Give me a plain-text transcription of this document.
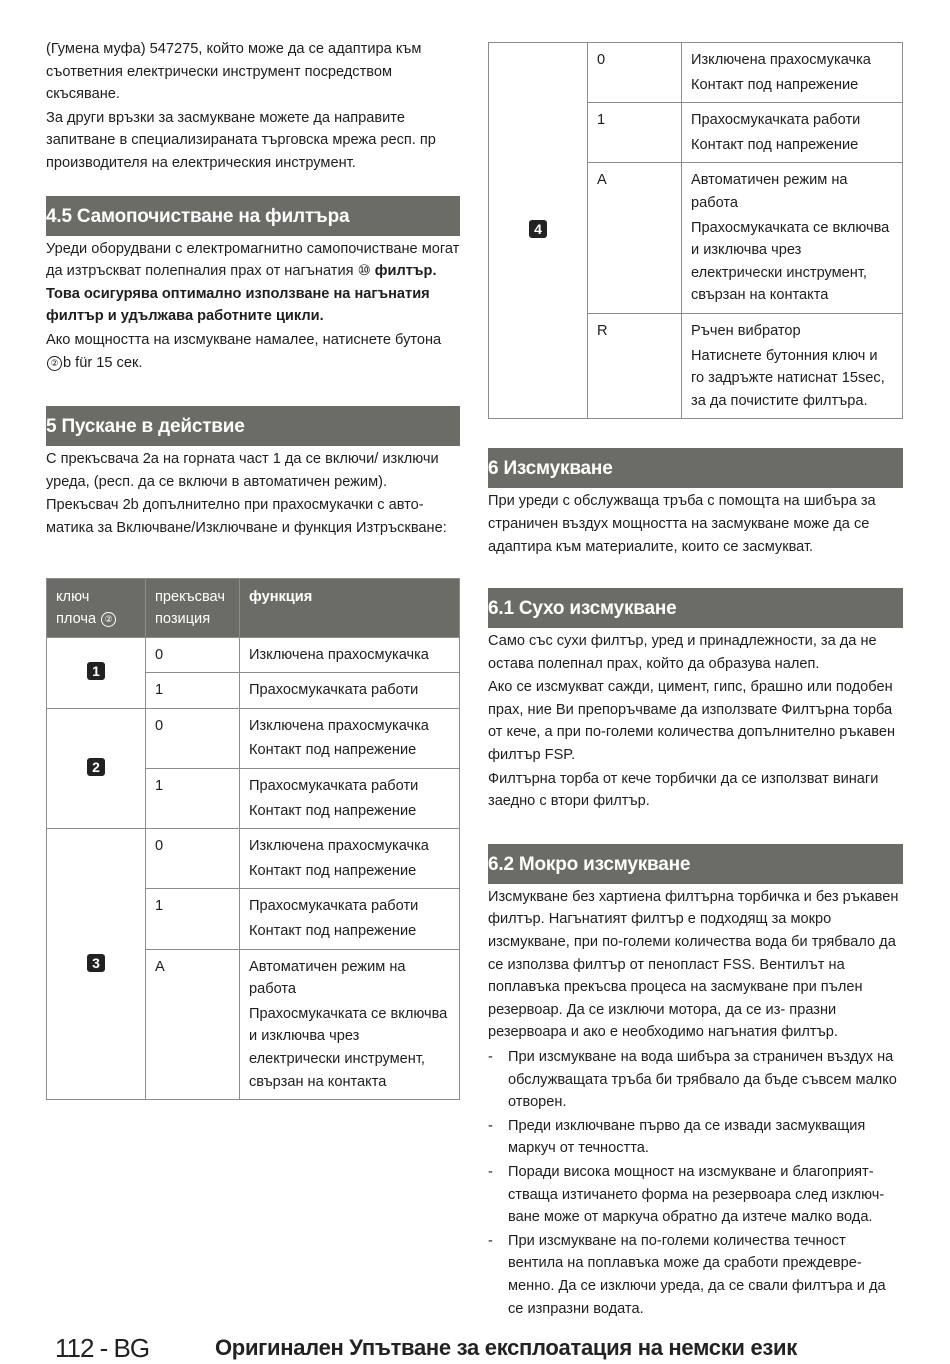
(Гумена муфа) 547275, който може да се адаптира към съответния електрически инструмент посредством скъсяване.

За други връзки за засмукване можете да направите запитване в специализираната търговска мрежа респ. пр производителя на електрическия инструмент.

4.5 Самопочистване на филтъра

Уреди оборудвани с електромагнитно самопочистване могат да изтръскват полепналия прах от нагънатия ⑩ филтър. Това осигурява оптимално използване на нагънатия филтър и удължава работните цикли.

Ако мощността на изсмукване намалее, натиснете бутона ② b für 15 сек.

5 Пускане в действие

С прекъсвача 2a на горната част 1 да се включи/ изключи уреда, (респ. да се включи в автоматичен режим).

Прекъсвач 2b допълнително при прахосмукачки с авто- матика за Включване/Изключване и функция Изтръскване:

ключ
плоча ②	прекъсвач
позиция	функция
1	0	Изключена прахосмукачка

	1	Прахосмукачката работи

2	0	Изключена прахосмукачка
Контакт под напрежение

	1	Прахосмукачката работи
Контакт под напрежение

3	0	Изключена прахосмукачка
Контакт под напрежение

	1	Прахосмукачката работи
Контакт под напрежение

	A	Автоматичен режим на работа
Прахосмукачката се включва и изключва чрез електрически инструмент, свързан на контакта
4	0	Изключена прахосмукачка
Контакт под напрежение

	1	Прахосмукачката работи
Контакт под напрежение

	A	Автоматичен режим на работа
Прахосмукачката се включва и изключва чрез електрически инструмент, свързан на контакта

	R	Ръчен вибратор
Натиснете бутонния ключ и го задръжте натиснат 15sec, за да почистите филтъра.
6 Изсмукване

При уреди с обслужваща тръба с помощта на шибъра за страничен въздух мощността на засмукване може да се адаптира към материалите, които се засмукват.

6.1 Сухо изсмукване

Само със сухи филтър, уред и принадлежности, за да не остава полепнал прах, който да образува налеп.

Ако се изсмукват сажди, цимент, гипс, брашно или подобен прах, ние Ви препоръчваме да използвате Филтърна торба от кече, а при по-големи количества допълнително ръкавен филтър FSP.

Филтърна торба от кече торбички да се използват винаги заедно с втори филтър.

6.2 Мокро изсмукване

Изсмукване без хартиена филтърна торбичка и без ръкавен филтър. Нагънатият филтър е подходящ за мокро изсмукване, при по-големи количества вода би трябвало да се използва филтър от пенопласт FSS. Вентилът на поплавъка прекъсва процеса на засмукване при пълен резервоар. Да се изключи мотора, да се из- празни резервоара и ако е необходимо нагънатия филтър.

- При изсмукване на вода шибъра за страничен въздух на обслужващата тръба би трябвало да бъде съвсем малко отворен.
- Преди изключване първо да се извади засмукващия маркуч от течността.
- Поради висока мощност на изсмукване и благоприят- стваща изтичането форма на резервоара след изключ- ване може от маркуча обратно да изтече малко вода.
- При изсмукване на по-големи количества течност вентила на поплавъка може да сработи преждевре- менно. Да се изключи уреда, да се свали филтъра и да се изпразни водата.
112 - BG	Оригинален Упътване за експлоатация на немски език
